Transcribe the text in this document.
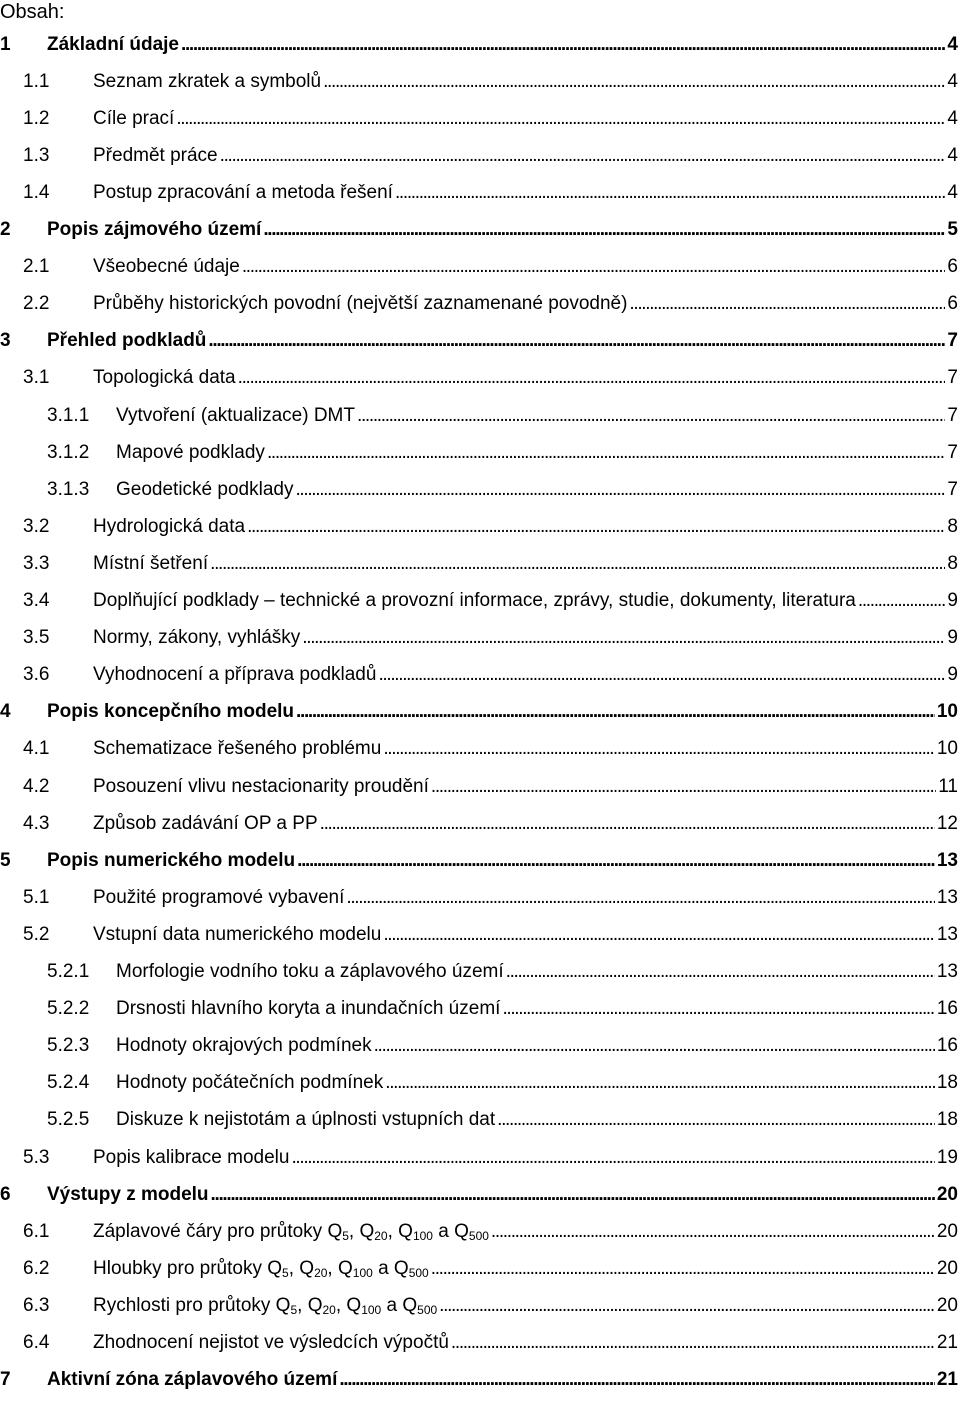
Obsah:
1	Základní údaje . . .	4
1.1	Seznam zkratek a symbolů . . .	4
1.2	Cíle prací . . .	4
1.3	Předmět práce . . .	4
1.4	Postup zpracování a metoda řešení . . .	4
2	Popis zájmového území . . .	5
2.1	Všeobecné údaje . . .	6
2.2	Průběhy historických povodní (největší zaznamenané povodně) . . .	6
3	Přehled podkladů . . .	7
3.1	Topologická data . . .	7
3.1.1	Vytvoření (aktualizace) DMT . . .	7
3.1.2	Mapové podklady . . .	7
3.1.3	Geodetické podklady . . .	7
3.2	Hydrologická data . . .	8
3.3	Místní šetření . . .	8
3.4	Doplňující podklady – technické a provozní informace, zprávy, studie, dokumenty, literatura . . .	9
3.5	Normy, zákony, vyhlášky . . .	9
3.6	Vyhodnocení a příprava podkladů . . .	9
4	Popis koncepčního modelu . . .	10
4.1	Schematizace řešeného problému . . .	10
4.2	Posouzení vlivu nestacionarity proudění . . .	11
4.3	Způsob zadávání OP a PP . . .	12
5	Popis numerického modelu . . .	13
5.1	Použité programové vybavení . . .	13
5.2	Vstupní data numerického modelu . . .	13
5.2.1	Morfologie vodního toku a záplavového území . . .	13
5.2.2	Drsnosti hlavního koryta a inundačních území . . .	16
5.2.3	Hodnoty okrajových podmínek . . .	16
5.2.4	Hodnoty počátečních podmínek . . .	18
5.2.5	Diskuze k nejistotám a úplnosti vstupních dat . . .	18
5.3	Popis kalibrace modelu . . .	19
6	Výstupy z modelu . . .	20
6.1	Záplavové čáry pro průtoky $Q_5$, $Q_{20}$, $Q_{100}$ a $Q_{500}$ . . .	20
6.2	Hloubky pro průtoky $Q_5$, $Q_{20}$, $Q_{100}$ a $Q_{500}$ . . .	20
6.3	Rychlosti pro průtoky $Q_5$, $Q_{20}$, $Q_{100}$ a $Q_{500}$ . . .	20
6.4	Zhodnocení nejistot ve výsledcích výpočtů . . .	21
7	Aktivní zóna záplavového území . . .	21
